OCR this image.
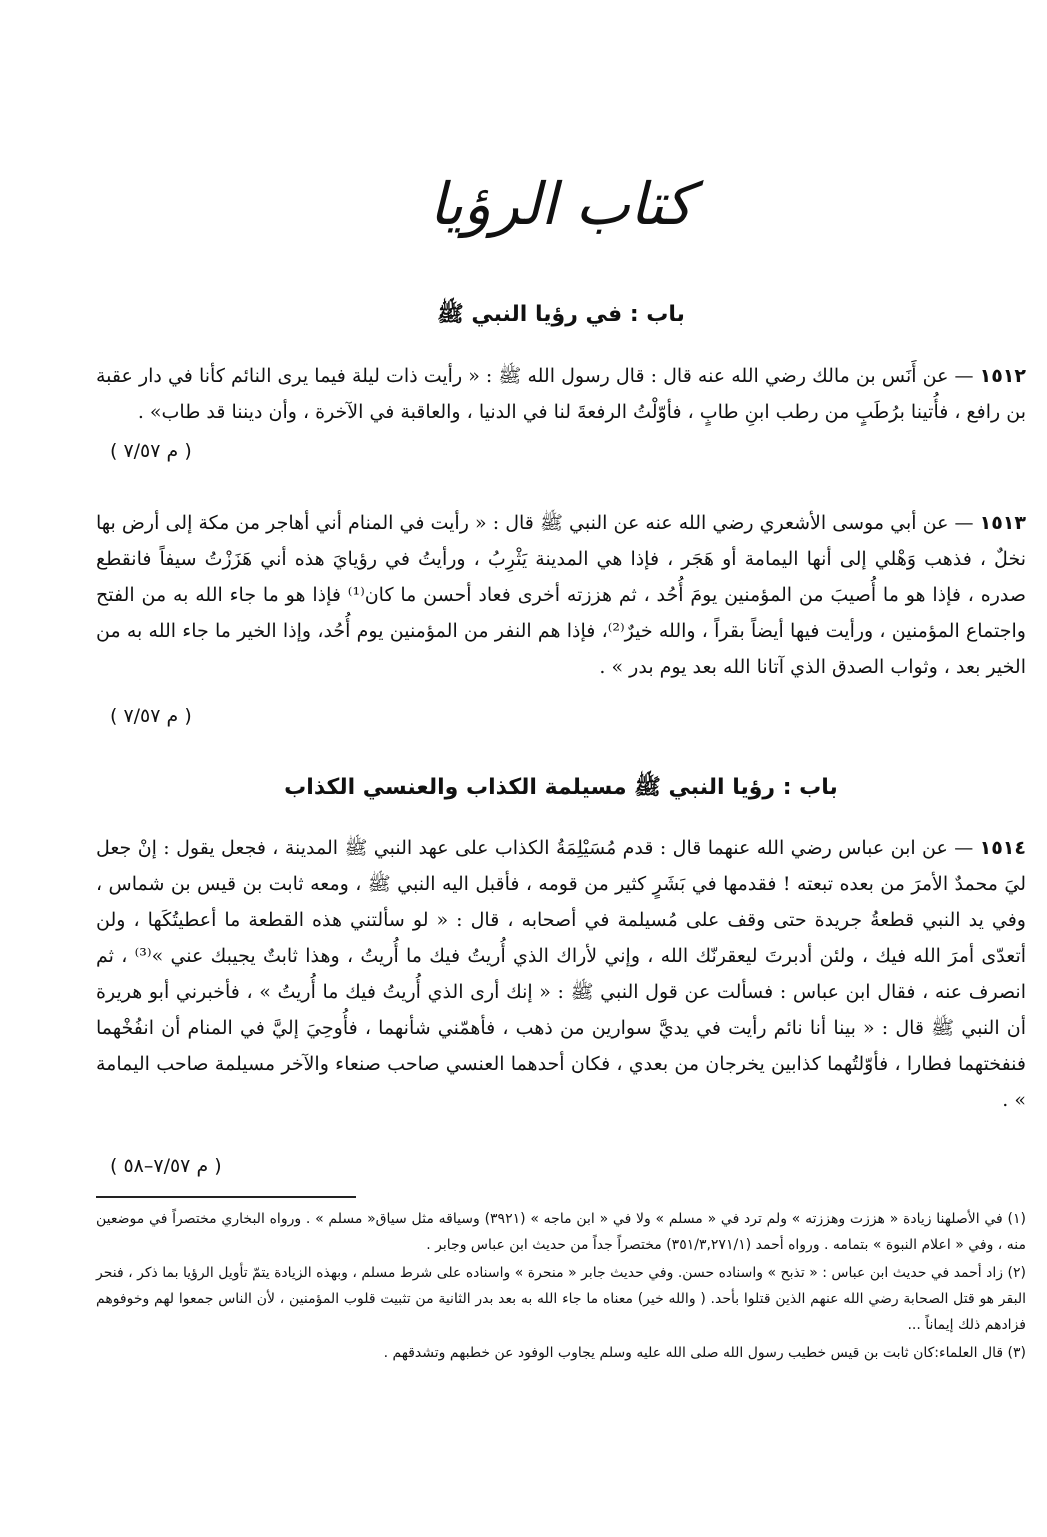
كتاب الرؤيا
باب : في رؤيا النبي ﷺ
١٥١٢ — عن أَنَس بن مالك رضي الله عنه قال : قال رسول الله ﷺ : « رأيت ذات ليلة فيما يرى النائم كأنا في دار عقبة بن رافع ، فأُتينا برُطَبٍ من رطب ابنِ طابٍ ، فأوّلْتُ الرفعةَ لنا في الدنيا ، والعاقبة في الآخرة ، وأن ديننا قد طاب» .
( م ٧/٥٧ )
١٥١٣ — عن أبي موسى الأشعري رضي الله عنه عن النبي ﷺ قال : « رأيت في المنام أني أهاجر من مكة إلى أرض بها نخلٌ ، فذهب وَهْلي إلى أنها اليمامة أو هَجَر ، فإذا هي المدينة يَثْرِبُ ، ورأيتُ في رؤيايَ هذه أني هَزَزْتُ سيفاً فانقطع صدره ، فإذا هو ما أُصيبَ من المؤمنين يومَ أُحُد ، ثم هززته أخرى فعاد أحسن ما كان⁽¹⁾ فإذا هو ما جاء الله به من الفتح واجتماع المؤمنين ، ورأيت فيها أيضاً بقراً ، والله خيرٌ⁽²⁾، فإذا هم النفر من المؤمنين يوم أُحُد، وإذا الخير ما جاء الله به من الخير بعد ، وثواب الصدق الذي آتانا الله بعد يوم بدر » .
( م ٧/٥٧ )
باب : رؤيا النبي ﷺ مسيلمة الكذاب والعنسي الكذاب
١٥١٤ — عن ابن عباس رضي الله عنهما قال : قدم مُسَيْلِمَةُ الكذاب على عهد النبي ﷺ المدينة ، فجعل يقول : إنْ جعل ليَ محمدٌ الأمرَ من بعده تبعته ! فقدمها في بَشَرٍ كثير من قومه ، فأقبل اليه النبي ﷺ ، ومعه ثابت بن قيس بن شماس ، وفي يد النبي قطعةُ جريدة حتى وقف على مُسيلمة في أصحابه ، قال : « لو سألتني هذه القطعة ما أعطيتُكَها ، ولن أتعدّى أمرَ الله فيك ، ولئن أدبرتَ ليعقرنّك الله ، وإني لأراك الذي أُريتُ فيك ما أُريتُ ، وهذا ثابتٌ يجيبك عني »⁽³⁾ ، ثم انصرف عنه ، فقال ابن عباس : فسألت عن قول النبي ﷺ : « إنك أرى الذي أُريتُ فيك ما أُريتُ » ، فأخبرني أبو هريرة أن النبي ﷺ قال : « بينا أنا نائم رأيت في يديَّ سوارين من ذهب ، فأهمّني شأنهما ، فأُوحِيَ إليَّ في المنام أن انفُخْهما فنفختهما فطارا ، فأوّلتُهما كذابين يخرجان من بعدي ، فكان أحدهما العنسي صاحب صنعاء والآخر مسيلمة صاحب اليمامة » .
( م ٧/٥٧–٥٨ )

(١) في الأصلهنا زيادة « هززت وهززته » ولم ترد في « مسلم » ولا في « ابن ماجه » (٣٩٢١) وسياقه مثل سياق« مسلم » . ورواه البخاري مختصراً في موضعين منه ، وفي « اعلام النبوة » بتمامه . ورواه أحمد (٣٥١/٣,٢٧١/١) مختصراً جداً من حديث ابن عباس وجابر .

(٢) زاد أحمد في حديث ابن عباس : « تذبح » واسناده حسن. وفي حديث جابر « منحرة » واسناده على شرط مسلم ، وبهذه الزيادة يتمّ تأويل الرؤيا بما ذكر ، فنحر البقر هو قتل الصحابة رضي الله عنهم الذين قتلوا بأحد. ( والله خير) معناه ما جاء الله به بعد بدر الثانية من تثبيت قلوب المؤمنين ، لأن الناس جمعوا لهم وخوفوهم فزادهم ذلك إيماناً ...

(٣) قال العلماء:كان ثابت بن قيس خطيب رسول الله صلى الله عليه وسلم يجاوب الوفود عن خطبهم وتشدقهم .
